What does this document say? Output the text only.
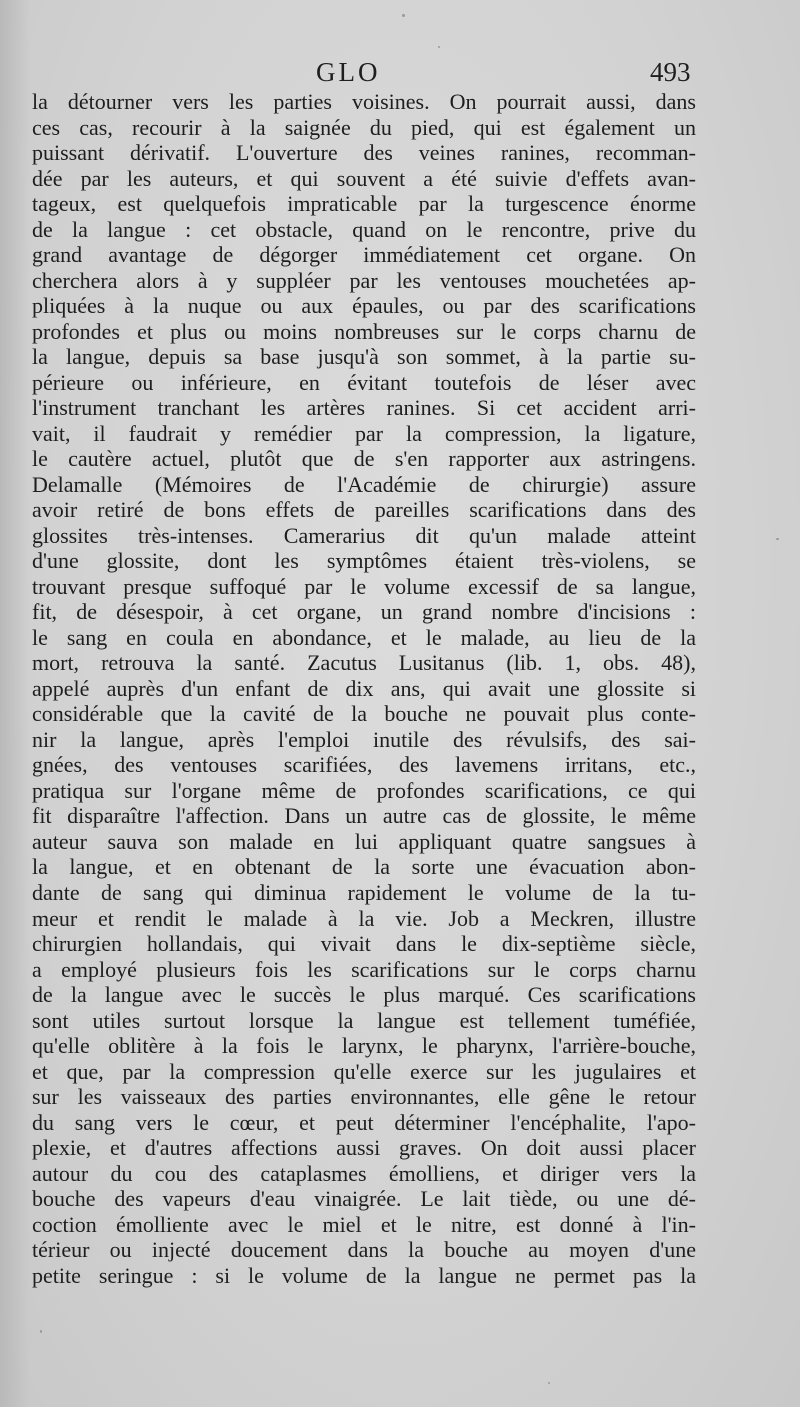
GLO	493
la détourner vers les parties voisines. On pourrait aussi, dans
ces cas, recourir à la saignée du pied, qui est également un
puissant dérivatif. L'ouverture des veines ranines, recomman-
dée par les auteurs, et qui souvent a été suivie d'effets avan-
tageux, est quelquefois impraticable par la turgescence énorme
de la langue : cet obstacle, quand on le rencontre, prive du
grand avantage de dégorger immédiatement cet organe. On
cherchera alors à y suppléer par les ventouses mouchetées ap-
pliquées à la nuque ou aux épaules, ou par des scarifications
profondes et plus ou moins nombreuses sur le corps charnu de
la langue, depuis sa base jusqu'à son sommet, à la partie su-
périeure ou inférieure, en évitant toutefois de léser avec
l'instrument tranchant les artères ranines. Si cet accident arri-
vait, il faudrait y remédier par la compression, la ligature,
le cautère actuel, plutôt que de s'en rapporter aux astringens.
Delamalle (Mémoires de l'Académie de chirurgie) assure
avoir retiré de bons effets de pareilles scarifications dans des
glossites très-intenses. Camerarius dit qu'un malade atteint
d'une glossite, dont les symptômes étaient très-violens, se
trouvant presque suffoqué par le volume excessif de sa langue,
fit, de désespoir, à cet organe, un grand nombre d'incisions :
le sang en coula en abondance, et le malade, au lieu de la
mort, retrouva la santé. Zacutus Lusitanus (lib. 1, obs. 48),
appelé auprès d'un enfant de dix ans, qui avait une glossite si
considérable que la cavité de la bouche ne pouvait plus conte-
nir la langue, après l'emploi inutile des révulsifs, des sai-
gnées, des ventouses scarifiées, des lavemens irritans, etc.,
pratiqua sur l'organe même de profondes scarifications, ce qui
fit disparaître l'affection. Dans un autre cas de glossite, le même
auteur sauva son malade en lui appliquant quatre sangsues à
la langue, et en obtenant de la sorte une évacuation abon-
dante de sang qui diminua rapidement le volume de la tu-
meur et rendit le malade à la vie. Job a Meckren, illustre
chirurgien hollandais, qui vivait dans le dix-septième siècle,
a employé plusieurs fois les scarifications sur le corps charnu
de la langue avec le succès le plus marqué. Ces scarifications
sont utiles surtout lorsque la langue est tellement tuméfiée,
qu'elle oblitère à la fois le larynx, le pharynx, l'arrière-bouche,
et que, par la compression qu'elle exerce sur les jugulaires et
sur les vaisseaux des parties environnantes, elle gêne le retour
du sang vers le cœur, et peut déterminer l'encéphalite, l'apo-
plexie, et d'autres affections aussi graves. On doit aussi placer
autour du cou des cataplasmes émolliens, et diriger vers la
bouche des vapeurs d'eau vinaigrée. Le lait tiède, ou une dé-
coction émolliente avec le miel et le nitre, est donné à l'in-
térieur ou injecté doucement dans la bouche au moyen d'une
petite seringue : si le volume de la langue ne permet pas la
